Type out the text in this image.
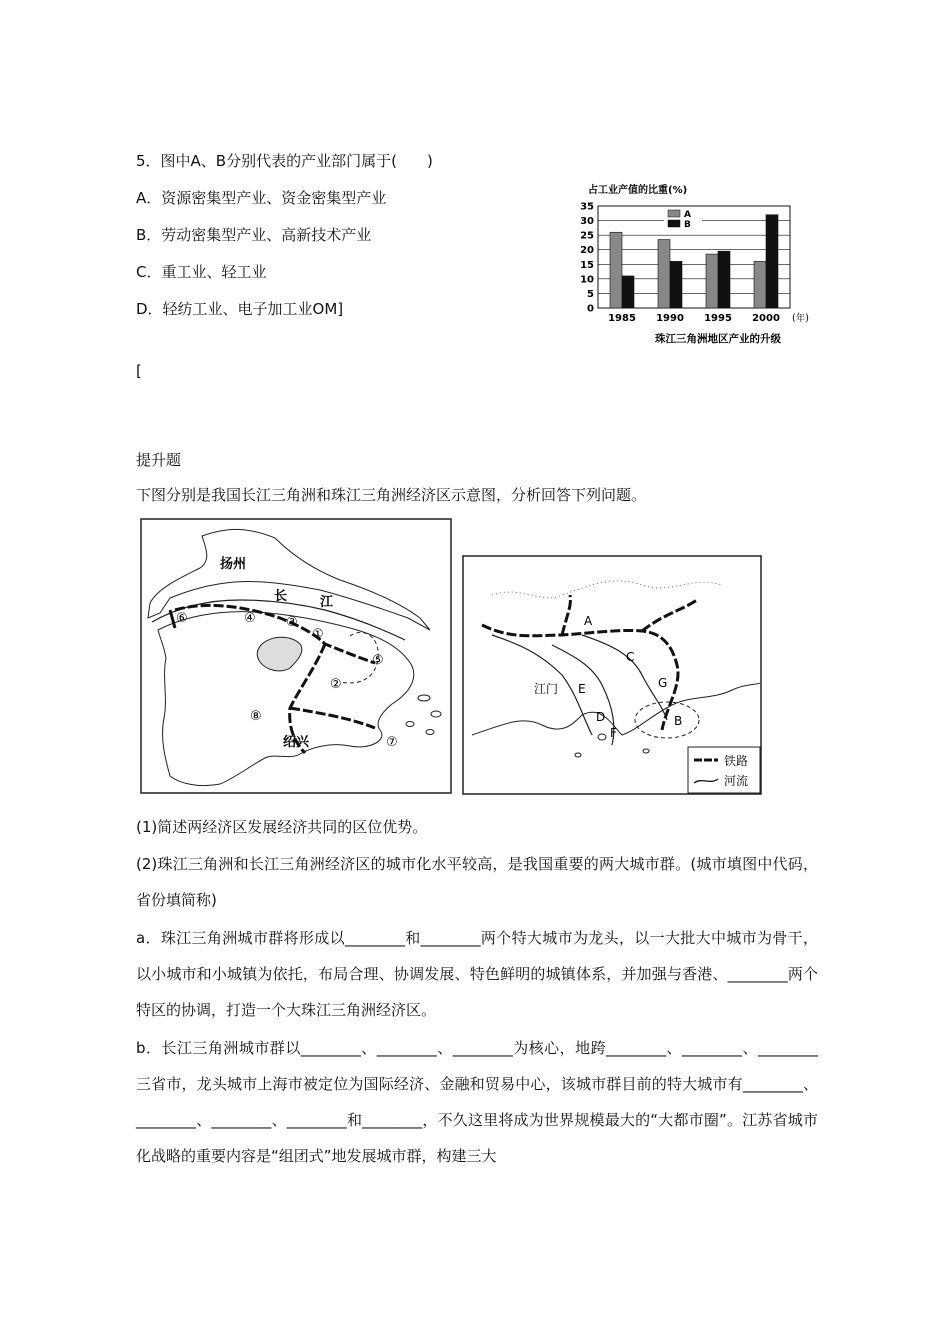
5．图中A、B分别代表的产业部门属于(　　)
A．资源密集型产业、资金密集型产业
B．劳动密集型产业、高新技术产业
C．重工业、轻工业
D．轻纺工业、电子加工业OM]
[
占工业产值的比重(%)
0
5
10
15
20
25
30
35
1985 1990 1995 2000 (年)
A
B
珠江三角洲地区产业的升级
提升题
下图分别是我国长江三角洲和珠江三角洲经济区示意图，分析回答下列问题。
扬州
长	江
绍兴
①
②
③
④
⑤
⑥
⑦
⑧
A
B
C
D
E
F
G
江门
铁路
河流
(1)简述两经济区发展经济共同的区位优势。
(2)珠江三角洲和长江三角洲经济区的城市化水平较高，是我国重要的两大城市群。(城市填图中代码，省份填简称)
a．珠江三角洲城市群将形成以________和________两个特大城市为龙头，以一大批大中城市为骨干，以小城市和小城镇为依托，布局合理、协调发展、特色鲜明的城镇体系，并加强与香港、________两个特区的协调，打造一个大珠江三角洲经济区。
b．长江三角洲城市群以________、________、________为核心，地跨________、________、________三省市，龙头城市上海市被定位为国际经济、金融和贸易中心，该城市群目前的特大城市有________、________、________、________和________，不久这里将成为世界规模最大的“大都市圈”。江苏省城市化战略的重要内容是“组团式”地发展城市群，构建三大
